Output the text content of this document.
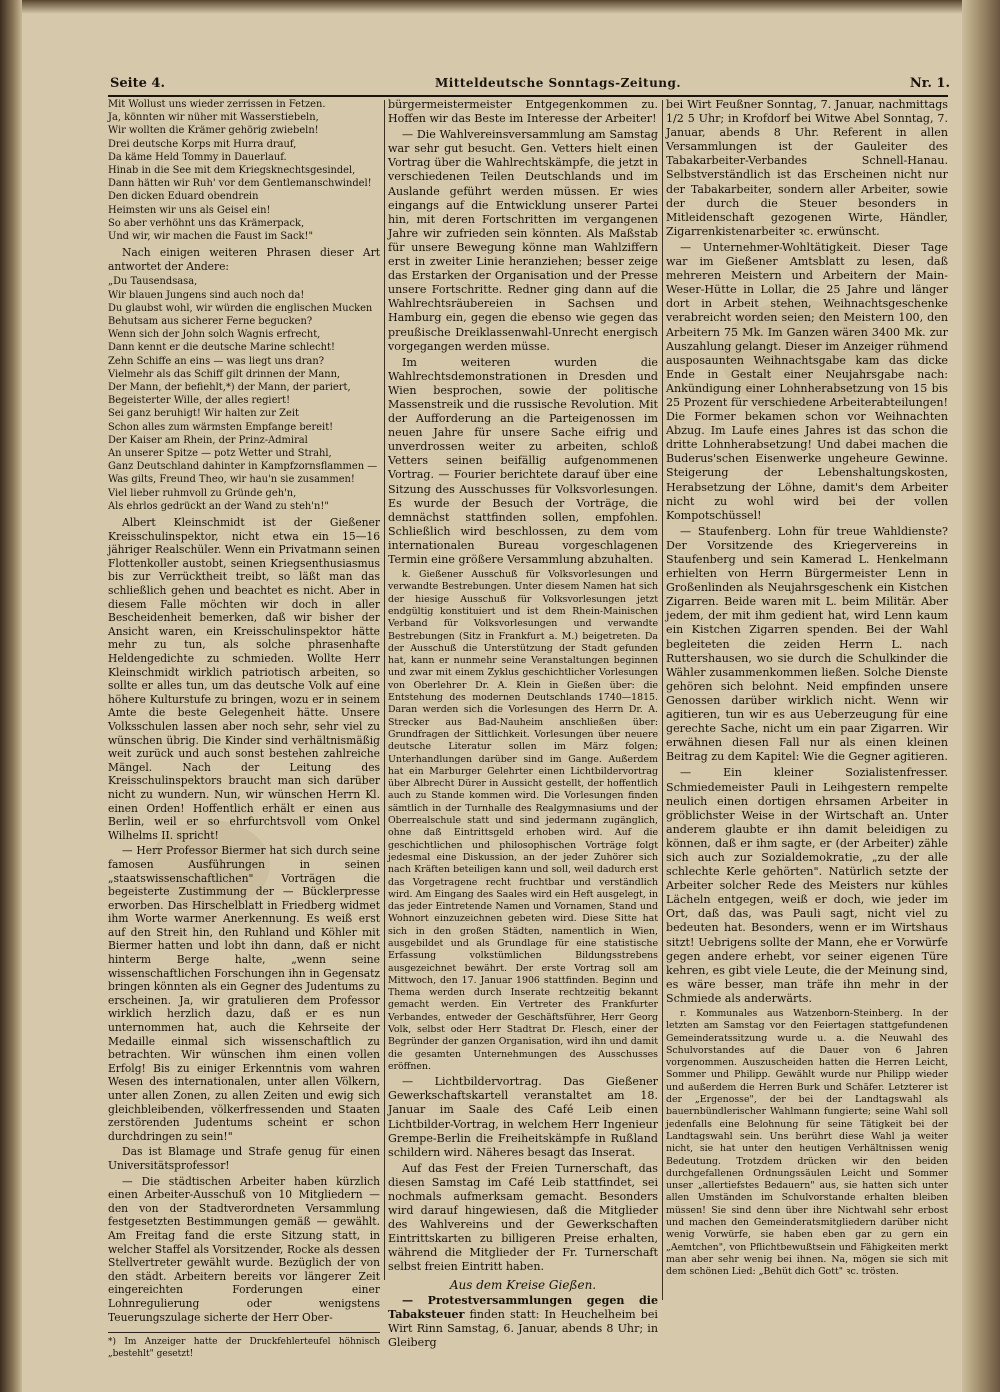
Seite 4.	Mitteldeutsche Sonntags-Zeitung.	Nr. 1.
Mit Wollust uns wieder zerrissen in Fetzen.
Ja, könnten wir nüher mit Wasserstiebeln,
Wir wollten die Krämer gehörig zwiebeln!
Drei deutsche Korps mit Hurra drauf,
Da käme Held Tommy in Dauerlauf.
Hinab in die See mit dem Kriegsknechtsgesindel,
Dann hätten wir Ruh' vor dem Gentlemanschwindel!
Den dicken Eduard obendrein
Heimsten wir uns als Geisel ein!
So aber verhöhnt uns das Krämerpack,
Und wir, wir machen die Faust im Sack!"

Nach einigen weiteren Phrasen dieser Art antwortet der Andere:

„Du Tausendsasa,
Wir blauen Jungens sind auch noch da!
Du glaubst wohl, wir würden die englischen Mucken
Behutsam aus sicherer Ferne begucken?
Wenn sich der John solch Wagnis erfrecht,
Dann kennt er die deutsche Marine schlecht!
Zehn Schiffe an eins — was liegt uns dran?
Vielmehr als das Schiff gilt drinnen der Mann,
Der Mann, der befiehlt,*) der Mann, der pariert,
Begeisterter Wille, der alles regiert!
Sei ganz beruhigt! Wir halten zur Zeit
Schon alles zum wärmsten Empfange bereit!
Der Kaiser am Rhein, der Prinz-Admiral
An unserer Spitze — potz Wetter und Strahl,
Ganz Deutschland dahinter in Kampfzornsflammen —
Was gilts, Freund Theo, wir hau'n sie zusammen!
Viel lieber ruhmvoll zu Gründe geh'n,
Als ehrlos gedrückt an der Wand zu steh'n!"

Albert Kleinschmidt ist der Gießener Kreisschulinspektor, nicht etwa ein 15—16 jähriger Realschüler. Wenn ein Privatmann seinen Flottenkoller austobt, seinen Kriegsenthusiasmus bis zur Verrücktheit treibt, so läßt man das schließlich gehen und beachtet es nicht. Aber in diesem Falle möchten wir doch in aller Bescheidenheit bemerken, daß wir bisher der Ansicht waren, ein Kreisschulinspektor hätte mehr zu tun, als solche phrasenhafte Heldengedichte zu schmieden. Wollte Herr Kleinschmidt wirklich patriotisch arbeiten, so sollte er alles tun, um das deutsche Volk auf eine höhere Kulturstufe zu bringen, wozu er in seinem Amte die beste Gelegenheit hätte. Unsere Volksschulen lassen aber noch sehr, sehr viel zu wünschen übrig. Die Kinder sind verhältnismäßig weit zurück und auch sonst bestehen zahlreiche Mängel. Nach der Leitung des Kreisschulinspektors braucht man sich darüber nicht zu wundern. Nun, wir wünschen Herrn Kl. einen Orden! Hoffentlich erhält er einen aus Berlin, weil er so ehrfurchtsvoll vom Onkel Wilhelms II. spricht!

— Herr Professor Biermer hat sich durch seine famosen Ausführungen in seinen „staatswissenschaftlichen" Vorträgen die begeisterte Zustimmung der — Bücklerpresse erworben. Das Hirschelblatt in Friedberg widmet ihm Worte warmer Anerkennung. Es weiß erst auf den Streit hin, den Ruhland und Köhler mit Biermer hatten und lobt ihn dann, daß er nicht hinterm Berge halte, „wenn seine wissenschaftlichen Forschungen ihn in Gegensatz bringen könnten als ein Gegner des Judentums zu erscheinen. Ja, wir gratulieren dem Professor wirklich herzlich dazu, daß er es nun unternommen hat, auch die Kehrseite der Medaille einmal sich wissenschaftlich zu betrachten. Wir wünschen ihm einen vollen Erfolg! Bis zu einiger Erkenntnis vom wahren Wesen des internationalen, unter allen Völkern, unter allen Zonen, zu allen Zeiten und ewig sich gleichbleibenden, völkerfressenden und Staaten zerstörenden Judentums scheint er schon durchdringen zu sein!"

Das ist Blamage und Strafe genug für einen Universitätsprofessor!

— Die städtischen Arbeiter haben kürzlich einen Arbeiter-Ausschuß von 10 Mitgliedern — den von der Stadtverordneten Versammlung festgesetzten Bestimmungen gemäß — gewählt. Am Freitag fand die erste Sitzung statt, in welcher Staffel als Vorsitzender, Rocke als dessen Stellvertreter gewählt wurde. Bezüglich der von den städt. Arbeitern bereits vor längerer Zeit eingereichten Forderungen einer Lohnregulierung oder wenigstens Teuerungszulage sicherte der Herr Ober-

*) Im Anzeiger hatte der Druckfehlerteufel höhnisch „bestehlt" gesetzt!

bürgermeistermeister Entgegenkommen zu. Hoffen wir das Beste im Interesse der Arbeiter!

— Die Wahlvereinsversammlung am Samstag war sehr gut besucht. Gen. Vetters hielt einen Vortrag über die Wahlrechtskämpfe, die jetzt in verschiedenen Teilen Deutschlands und im Auslande geführt werden müssen. Er wies eingangs auf die Entwicklung unserer Partei hin, mit deren Fortschritten im vergangenen Jahre wir zufrieden sein könnten. Als Maßstab für unsere Bewegung könne man Wahlziffern erst in zweiter Linie heranziehen; besser zeige das Erstarken der Organisation und der Presse unsere Fortschritte. Redner ging dann auf die Wahlrechtsräubereien in Sachsen und Hamburg ein, gegen die ebenso wie gegen das preußische Dreiklassenwahl-Unrecht energisch vorgegangen werden müsse.

Im weiteren wurden die Wahlrechtsdemonstrationen in Dresden und Wien besprochen, sowie der politische Massenstreik und die russische Revolution. Mit der Aufforderung an die Parteigenossen im neuen Jahre für unsere Sache eifrig und unverdrossen weiter zu arbeiten, schloß Vetters seinen beifällig aufgenommenen Vortrag. — Fourier berichtete darauf über eine Sitzung des Ausschusses für Volksvorlesungen. Es wurde der Besuch der Vorträge, die demnächst stattfinden sollen, empfohlen. Schließlich wird beschlossen, zu dem vom internationalen Bureau vorgeschlagenen Termin eine größere Versammlung abzuhalten.

k. Gießener Ausschuß für Volksvorlesungen und verwandte Bestrebungen. Unter diesem Namen hat sich der hiesige Ausschuß für Volksvorlesungen jetzt endgültig konstituiert und ist dem Rhein-Mainischen Verband für Volksvorlesungen und verwandte Bestrebungen (Sitz in Frankfurt a. M.) beigetreten. Da der Ausschuß die Unterstützung der Stadt gefunden hat, kann er nunmehr seine Veranstaltungen beginnen und zwar mit einem Zyklus geschichtlicher Vorlesungen von Oberlehrer Dr. A. Klein in Gießen über: die Entstehung des modernen Deutschlands 1740—1815. Daran werden sich die Vorlesungen des Herrn Dr. A. Strecker aus Bad-Nauheim anschließen über: Grundfragen der Sittlichkeit. Vorlesungen über neuere deutsche Literatur sollen im März folgen; Unterhandlungen darüber sind im Gange. Außerdem hat ein Marburger Gelehrter einen Lichtbildervortrag über Albrecht Dürer in Aussicht gestellt, der hoffentlich auch zu Stande kommen wird. Die Vorlesungen finden sämtlich in der Turnhalle des Realgymnasiums und der Oberrealschule statt und sind jedermann zugänglich, ohne daß Eintrittsgeld erhoben wird. Auf die geschichtlichen und philosophischen Vorträge folgt jedesmal eine Diskussion, an der jeder Zuhörer sich nach Kräften beteiligen kann und soll, weil dadurch erst das Vorgetragene recht fruchtbar und verständlich wird. Am Eingang des Saales wird ein Heft ausgelegt, in das jeder Eintretende Namen und Vornamen, Stand und Wohnort einzuzeichnen gebeten wird. Diese Sitte hat sich in den großen Städten, namentlich in Wien, ausgebildet und als Grundlage für eine statistische Erfassung volkstümlichen Bildungsstrebens ausgezeichnet bewährt. Der erste Vortrag soll am Mittwoch, den 17. Januar 1906 stattfinden. Beginn und Thema werden durch Inserate rechtzeitig bekannt gemacht werden. Ein Vertreter des Frankfurter Verbandes, entweder der Geschäftsführer, Herr Georg Volk, selbst oder Herr Stadtrat Dr. Flesch, einer der Begründer der ganzen Organisation, wird ihn und damit die gesamten Unternehmungen des Ausschusses eröffnen.

— Lichtbildervortrag. Das Gießener Gewerkschaftskartell veranstaltet am 18. Januar im Saale des Café Leib einen Lichtbilder-Vortrag, in welchem Herr Ingenieur Grempe-Berlin die Freiheitskämpfe in Rußland schildern wird. Näheres besagt das Inserat.

Auf das Fest der Freien Turnerschaft, das diesen Samstag im Café Leib stattfindet, sei nochmals aufmerksam gemacht. Besonders wird darauf hingewiesen, daß die Mitglieder des Wahlvereins und der Gewerkschaften Eintrittskarten zu billigeren Preise erhalten, während die Mitglieder der Fr. Turnerschaft selbst freien Eintritt haben.

Aus dem Kreise Gießen.

— Protestversammlungen gegen die Tabaksteuer finden statt: In Heuchelheim bei Wirt Rinn Samstag, 6. Januar, abends 8 Uhr; in Gleiberg

bei Wirt Feußner Sonntag, 7. Januar, nachmittags 1/2 5 Uhr; in Krofdorf bei Witwe Abel Sonntag, 7. Januar, abends 8 Uhr. Referent in allen Versammlungen ist der Gauleiter des Tabakarbeiter-Verbandes Schnell-Hanau. Selbstverständlich ist das Erscheinen nicht nur der Tabakarbeiter, sondern aller Arbeiter, sowie der durch die Steuer besonders in Mitleidenschaft gezogenen Wirte, Händler, Zigarrenkistenarbeiter ꝛc. erwünscht.

— Unternehmer-Wohltätigkeit. Dieser Tage war im Gießener Amtsblatt zu lesen, daß mehreren Meistern und Arbeitern der Main-Weser-Hütte in Lollar, die 25 Jahre und länger dort in Arbeit stehen, Weihnachtsgeschenke verabreicht worden seien; den Meistern 100, den Arbeitern 75 Mk. Im Ganzen wären 3400 Mk. zur Auszahlung gelangt. Dieser im Anzeiger rühmend ausposaunten Weihnachtsgabe kam das dicke Ende in Gestalt einer Neujahrsgabe nach: Ankündigung einer Lohnherabsetzung von 15 bis 25 Prozent für verschiedene Arbeiterabteilungen! Die Former bekamen schon vor Weihnachten Abzug. Im Laufe eines Jahres ist das schon die dritte Lohnherabsetzung! Und dabei machen die Buderus'schen Eisenwerke ungeheure Gewinne. Steigerung der Lebenshaltungskosten, Herabsetzung der Löhne, damit's dem Arbeiter nicht zu wohl wird bei der vollen Kompotschüssel!

— Staufenberg. Lohn für treue Wahldienste? Der Vorsitzende des Kriegervereins in Staufenberg und sein Kamerad L. Henkelmann erhielten von Herrn Bürgermeister Lenn in Großenlinden als Neujahrsgeschenk ein Kistchen Zigarren. Beide waren mit L. beim Militär. Aber jedem, der mit ihm gedient hat, wird Lenn kaum ein Kistchen Zigarren spenden. Bei der Wahl begleiteten die zeiden Herrn L. nach Ruttershausen, wo sie durch die Schulkinder die Wähler zusammenkommen ließen. Solche Dienste gehören sich belohnt. Neid empfinden unsere Genossen darüber wirklich nicht. Wenn wir agitieren, tun wir es aus Ueberzeugung für eine gerechte Sache, nicht um ein paar Zigarren. Wir erwähnen diesen Fall nur als einen kleinen Beitrag zu dem Kapitel: Wie die Gegner agitieren.

— Ein kleiner Sozialistenfresser. Schmiedemeister Pauli in Leihgestern rempelte neulich einen dortigen ehrsamen Arbeiter in gröblichster Weise in der Wirtschaft an. Unter anderem glaubte er ihn damit beleidigen zu können, daß er ihm sagte, er (der Arbeiter) zähle sich auch zur Sozialdemokratie, „zu der alle schlechte Kerle gehörten". Natürlich setzte der Arbeiter solcher Rede des Meisters nur kühles Lächeln entgegen, weiß er doch, wie jeder im Ort, daß das, was Pauli sagt, nicht viel zu bedeuten hat. Besonders, wenn er im Wirtshaus sitzt! Uebrigens sollte der Mann, ehe er Vorwürfe gegen andere erhebt, vor seiner eigenen Türe kehren, es gibt viele Leute, die der Meinung sind, es wäre besser, man träfe ihn mehr in der Schmiede als anderwärts.

r. Kommunales aus Watzenborn-Steinberg. In der letzten am Samstag vor den Feiertagen stattgefundenen Gemeinderatssitzung wurde u. a. die Neuwahl des Schulvorstandes auf die Dauer von 6 Jahren vorgenommen. Auszuscheiden hatten die Herren Leicht, Sommer und Philipp. Gewählt wurde nur Philipp wieder und außerdem die Herren Burk und Schäfer. Letzterer ist der „Ergenosse", der bei der Landtagswahl als bauernbündlerischer Wahlmann fungierte; seine Wahl soll jedenfalls eine Belohnung für seine Tätigkeit bei der Landtagswahl sein. Uns berührt diese Wahl ja weiter nicht, sie hat unter den heutigen Verhältnissen wenig Bedeutung. Trotzdem drücken wir den beiden durchgefallenen Ordnungssäulen Leicht und Sommer unser „allertiefstes Bedauern" aus, sie hatten sich unter allen Umständen im Schulvorstande erhalten bleiben müssen! Sie sind denn über ihre Nichtwahl sehr erbost und machen den Gemeinderatsmitgliedern darüber nicht wenig Vorwürfe, sie haben eben gar zu gern ein „Aemtchen", von Pflichtbewußtsein und Fähigkeiten merkt man aber sehr wenig bei ihnen. Na, mögen sie sich mit dem schönen Lied: „Behüt dich Gott" ꝛc. trösten.
